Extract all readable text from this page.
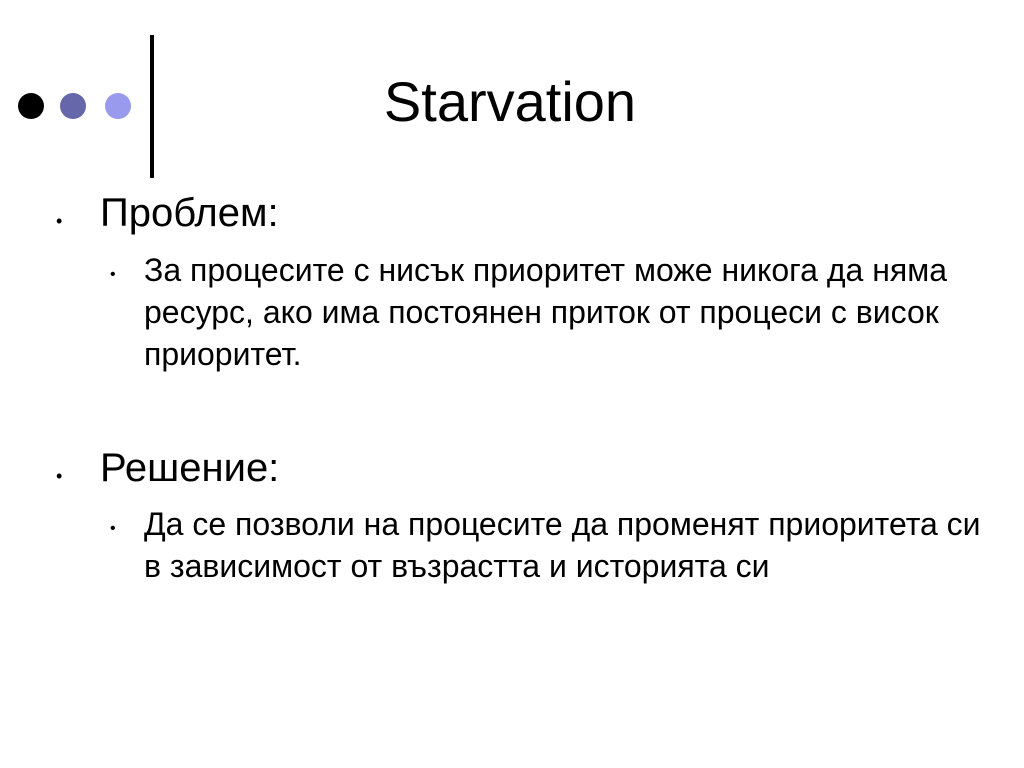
Starvation
• Проблем:
• За процесите с нисък приоритет може никога да няма ресурс, ако има постоянен приток от процеси с висок приоритет.
• Решение:
• Да се позволи на процесите да променят приоритета си в зависимост от възрастта и историята си
